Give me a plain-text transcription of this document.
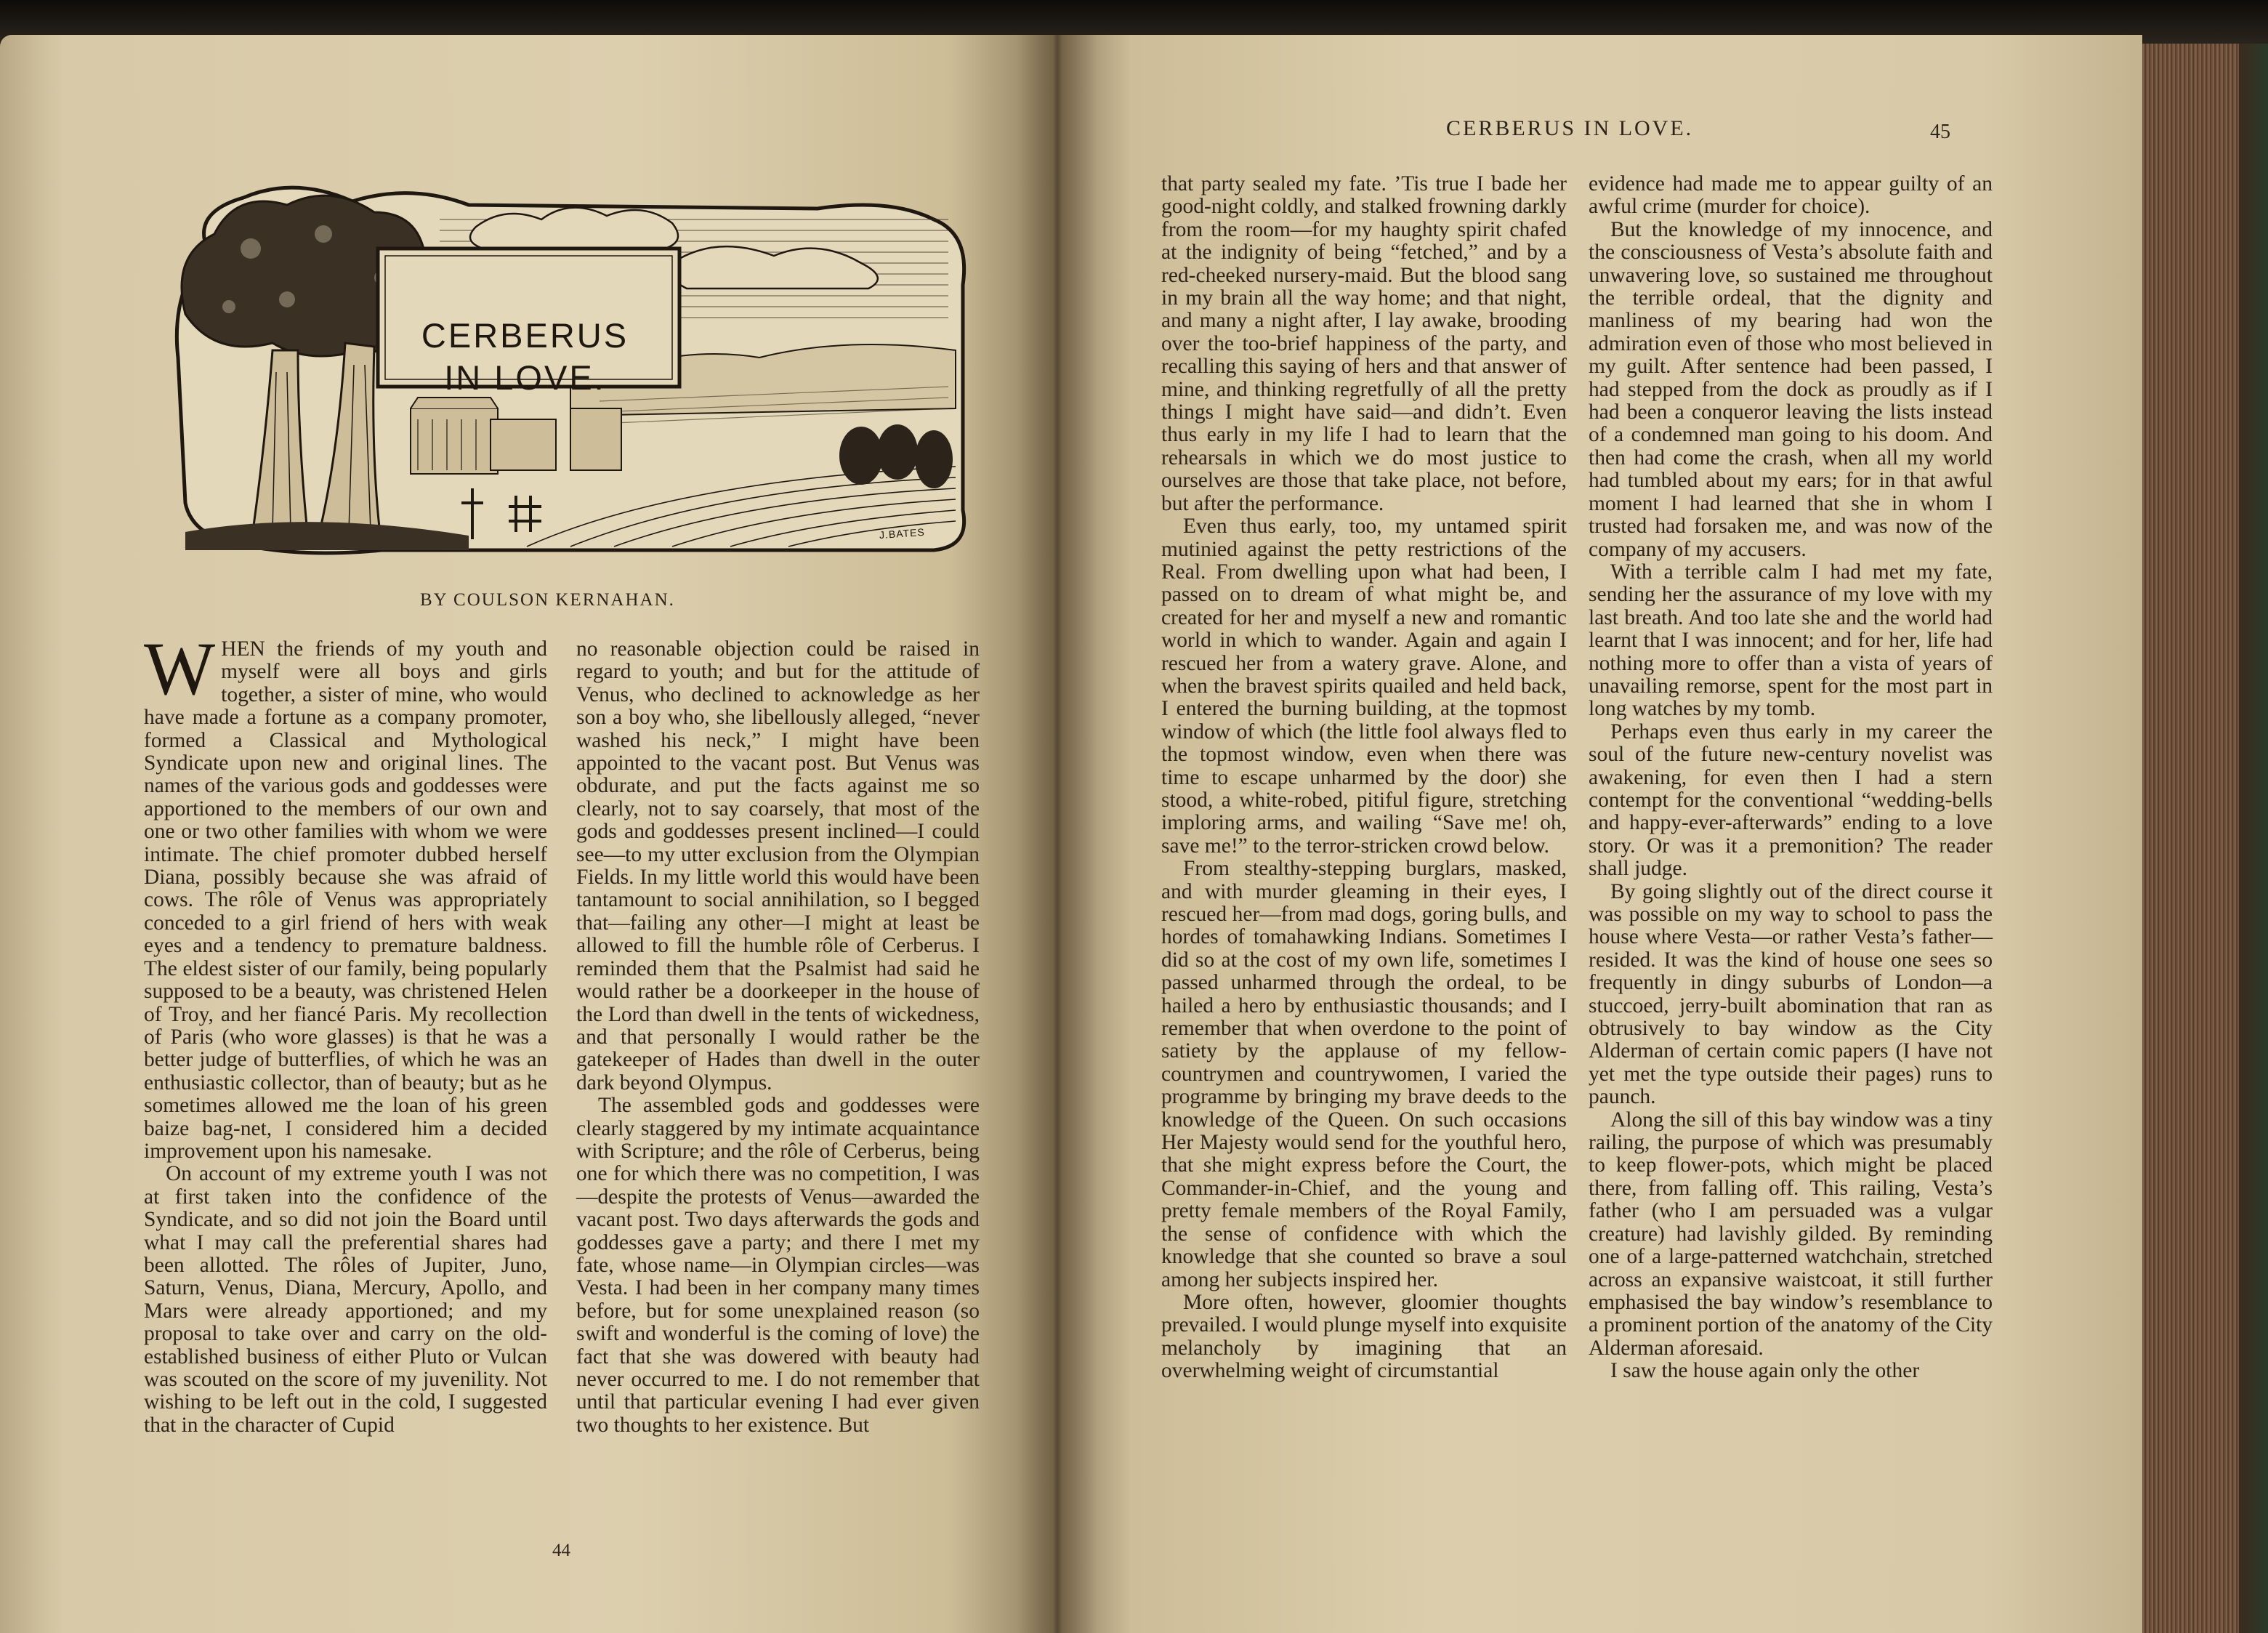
CERBERUS
IN LOVE.
J.BATES
BY COULSON KERNAHAN.

WHEN the friends of my youth and myself were all boys and girls together, a sister of mine, who would have made a fortune as a company promoter, formed a Classical and Mythological Syndicate upon new and original lines. The names of the various gods and goddesses were apportioned to the members of our own and one or two other families with whom we were intimate. The chief promoter dubbed herself Diana, possibly because she was afraid of cows. The rôle of Venus was appropriately conceded to a girl friend of hers with weak eyes and a tendency to premature baldness. The eldest sister of our family, being popularly supposed to be a beauty, was christened Helen of Troy, and her fiancé Paris. My recollection of Paris (who wore glasses) is that he was a better judge of butterflies, of which he was an enthusiastic collector, than of beauty; but as he sometimes allowed me the loan of his green baize bag-net, I considered him a decided improvement upon his namesake.

On account of my extreme youth I was not at first taken into the confidence of the Syndicate, and so did not join the Board until what I may call the preferential shares had been allotted. The rôles of Jupiter, Juno, Saturn, Venus, Diana, Mercury, Apollo, and Mars were already apportioned; and my proposal to take over and carry on the old-established business of either Pluto or Vulcan was scouted on the score of my juvenility. Not wishing to be left out in the cold, I suggested that in the character of Cupid

no reasonable objection could be raised in regard to youth; and but for the attitude of Venus, who declined to acknowledge as her son a boy who, she libellously alleged, “never washed his neck,” I might have been appointed to the vacant post. But Venus was obdurate, and put the facts against me so clearly, not to say coarsely, that most of the gods and goddesses present inclined—I could see—to my utter exclusion from the Olympian Fields. In my little world this would have been tantamount to social annihilation, so I begged that—failing any other—I might at least be allowed to fill the humble rôle of Cerberus. I reminded them that the Psalmist had said he would rather be a doorkeeper in the house of the Lord than dwell in the tents of wickedness, and that personally I would rather be the gatekeeper of Hades than dwell in the outer dark beyond Olympus.

The assembled gods and goddesses were clearly staggered by my intimate acquaintance with Scripture; and the rôle of Cerberus, being one for which there was no competition, I was—despite the protests of Venus—awarded the vacant post. Two days afterwards the gods and goddesses gave a party; and there I met my fate, whose name—in Olympian circles—was Vesta. I had been in her company many times before, but for some unexplained reason (so swift and wonderful is the coming of love) the fact that she was dowered with beauty had never occurred to me. I do not remember that until that particular evening I had ever given two thoughts to her existence. But

44
CERBERUS IN LOVE.	45

that party sealed my fate. ’Tis true I bade her good-night coldly, and stalked frowning darkly from the room—for my haughty spirit chafed at the indignity of being “fetched,” and by a red-cheeked nursery-maid. But the blood sang in my brain all the way home; and that night, and many a night after, I lay awake, brooding over the too-brief happiness of the party, and recalling this saying of hers and that answer of mine, and thinking regretfully of all the pretty things I might have said—and didn’t. Even thus early in my life I had to learn that the rehearsals in which we do most justice to ourselves are those that take place, not before, but after the performance.

Even thus early, too, my untamed spirit mutinied against the petty restrictions of the Real. From dwelling upon what had been, I passed on to dream of what might be, and created for her and myself a new and romantic world in which to wander. Again and again I rescued her from a watery grave. Alone, and when the bravest spirits quailed and held back, I entered the burning building, at the topmost window of which (the little fool always fled to the topmost window, even when there was time to escape unharmed by the door) she stood, a white-robed, pitiful figure, stretching imploring arms, and wailing “Save me! oh, save me!” to the terror-stricken crowd below.

From stealthy-stepping burglars, masked, and with murder gleaming in their eyes, I rescued her—from mad dogs, goring bulls, and hordes of tomahawking Indians. Sometimes I did so at the cost of my own life, sometimes I passed unharmed through the ordeal, to be hailed a hero by enthusiastic thousands; and I remember that when overdone to the point of satiety by the applause of my fellow-countrymen and countrywomen, I varied the programme by bringing my brave deeds to the knowledge of the Queen. On such occasions Her Majesty would send for the youthful hero, that she might express before the Court, the Commander-in-Chief, and the young and pretty female members of the Royal Family, the sense of confidence with which the knowledge that she counted so brave a soul among her subjects inspired her.

More often, however, gloomier thoughts prevailed. I would plunge myself into exquisite melancholy by imagining that an overwhelming weight of circumstantial

evidence had made me to appear guilty of an awful crime (murder for choice).

But the knowledge of my innocence, and the consciousness of Vesta’s absolute faith and unwavering love, so sustained me throughout the terrible ordeal, that the dignity and manliness of my bearing had won the admiration even of those who most believed in my guilt. After sentence had been passed, I had stepped from the dock as proudly as if I had been a conqueror leaving the lists instead of a condemned man going to his doom. And then had come the crash, when all my world had tumbled about my ears; for in that awful moment I had learned that she in whom I trusted had forsaken me, and was now of the company of my accusers.

With a terrible calm I had met my fate, sending her the assurance of my love with my last breath. And too late she and the world had learnt that I was innocent; and for her, life had nothing more to offer than a vista of years of unavailing remorse, spent for the most part in long watches by my tomb.

Perhaps even thus early in my career the soul of the future new-century novelist was awakening, for even then I had a stern contempt for the conventional “wedding-bells and happy-ever-afterwards” ending to a love story. Or was it a premonition? The reader shall judge.

By going slightly out of the direct course it was possible on my way to school to pass the house where Vesta—or rather Vesta’s father—resided. It was the kind of house one sees so frequently in dingy suburbs of London—a stuccoed, jerry-built abomination that ran as obtrusively to bay window as the City Alderman of certain comic papers (I have not yet met the type outside their pages) runs to paunch.

Along the sill of this bay window was a tiny railing, the purpose of which was presumably to keep flower-pots, which might be placed there, from falling off. This railing, Vesta’s father (who I am persuaded was a vulgar creature) had lavishly gilded. By reminding one of a large-patterned watchchain, stretched across an expansive waistcoat, it still further emphasised the bay window’s resemblance to a prominent portion of the anatomy of the City Alderman aforesaid.

I saw the house again only the other
